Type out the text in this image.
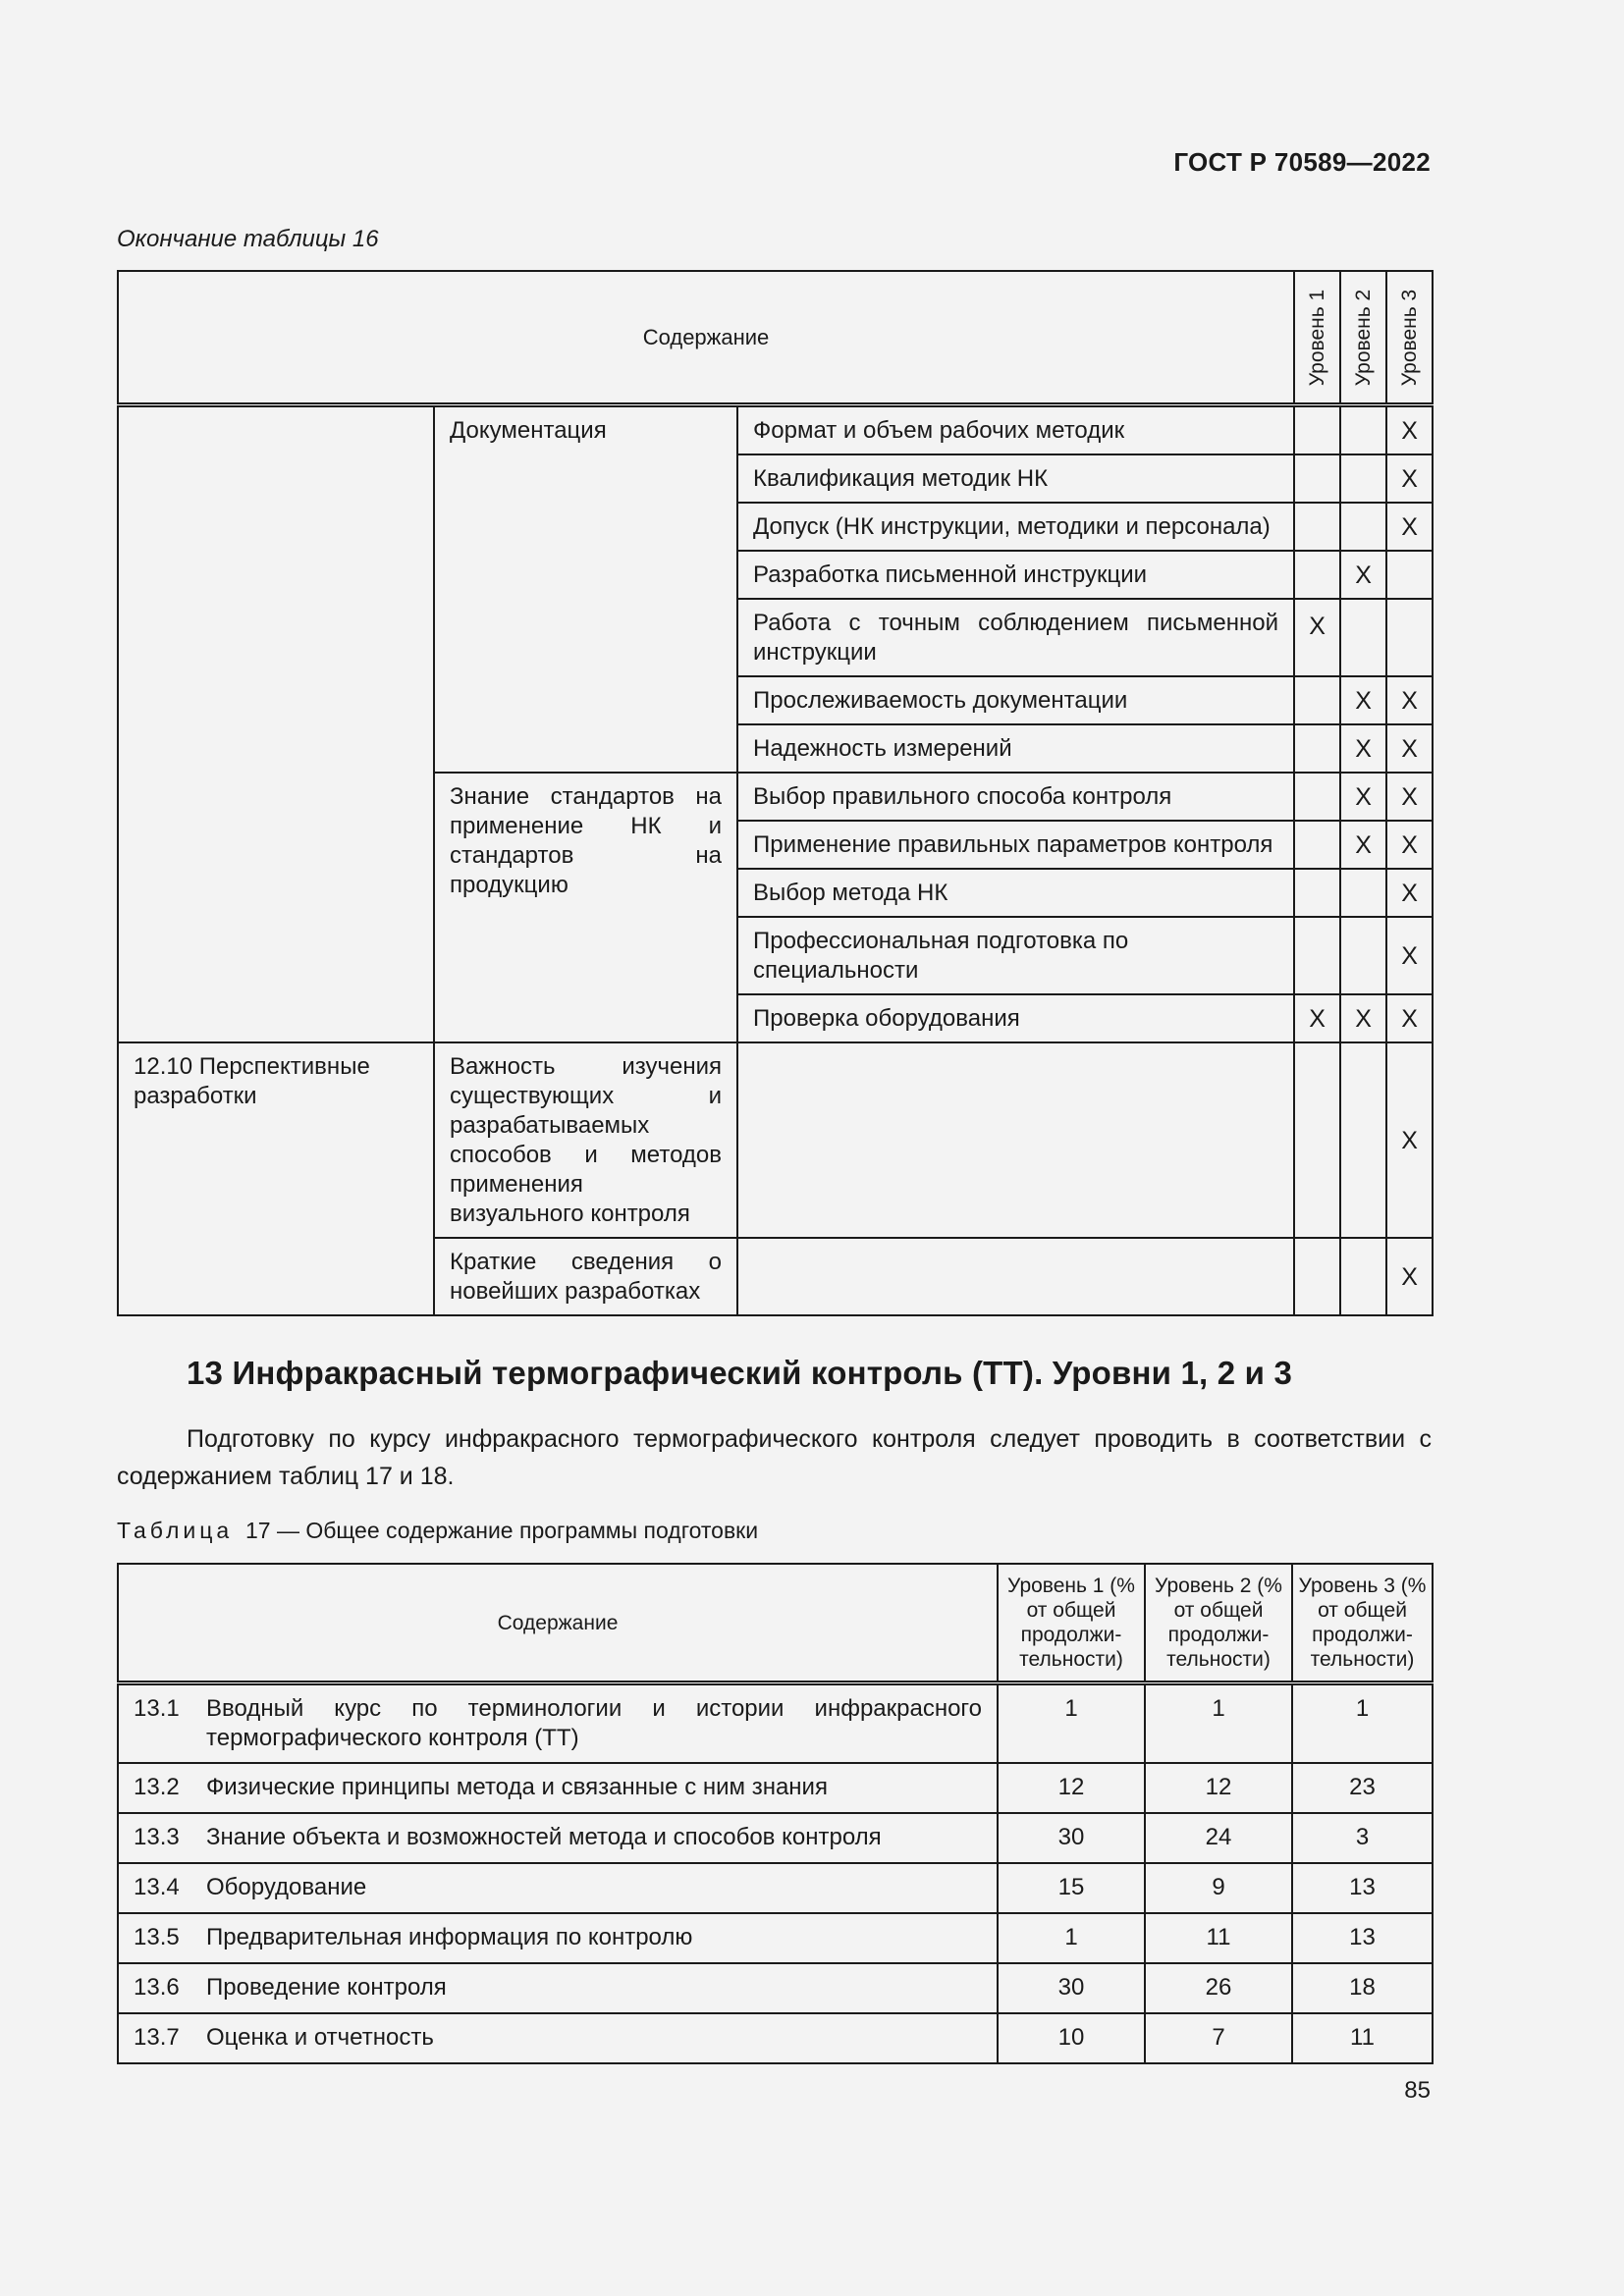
ГОСТ Р 70589—2022
Окончание таблицы 16
Содержание			Уровень 1	Уровень 2	Уровень 3

	Документация	Формат и объем рабочих методик			X
		Квалификация методик НК			X
		Допуск (НК инструкции, методики и персонала)			X
		Разработка письменной инструкции		X	
		Работа с точным соблюдением письменной инструкции	X		
		Прослеживаемость документации		X	X
		Надежность измерений		X	X
	Знание стандартов на применение НК и стандартов на продукцию	Выбор правильного способа контроля		X	X
		Применение правильных параметров контроля		X	X
		Выбор метода НК			X
		Профессиональная подготовка по специальности			X
		Проверка оборудования	X	X	X
12.10 Перспективные разработки	Важность изучения существующих и разрабатываемых способов и методов применения визуального контроля				X
	Краткие сведения о новейших разработках				X
13 Инфракрасный термографический контроль (ТТ). Уровни 1, 2 и 3
Подготовку по курсу инфракрасного термографического контроля следует проводить в соответствии с содержанием таблиц 17 и 18.
Таблица 17 — Общее содержание программы подготовки
Содержание		Уровень 1 (% от общей продолжи-тельности)	Уровень 2 (% от общей продолжи-тельности)	Уровень 3 (% от общей продолжи-тельности)
13.1	Вводный курс по терминологии и истории инфракрасного термографического контроля (ТТ)	1	1	1
13.2	Физические принципы метода и связанные с ним знания	12	12	23
13.3	Знание объекта и возможностей метода и способов контроля	30	24	3
13.4	Оборудование	15	9	13
13.5	Предварительная информация по контролю	1	11	13
13.6	Проведение контроля	30	26	18
13.7	Оценка и отчетность	10	7	11
85
